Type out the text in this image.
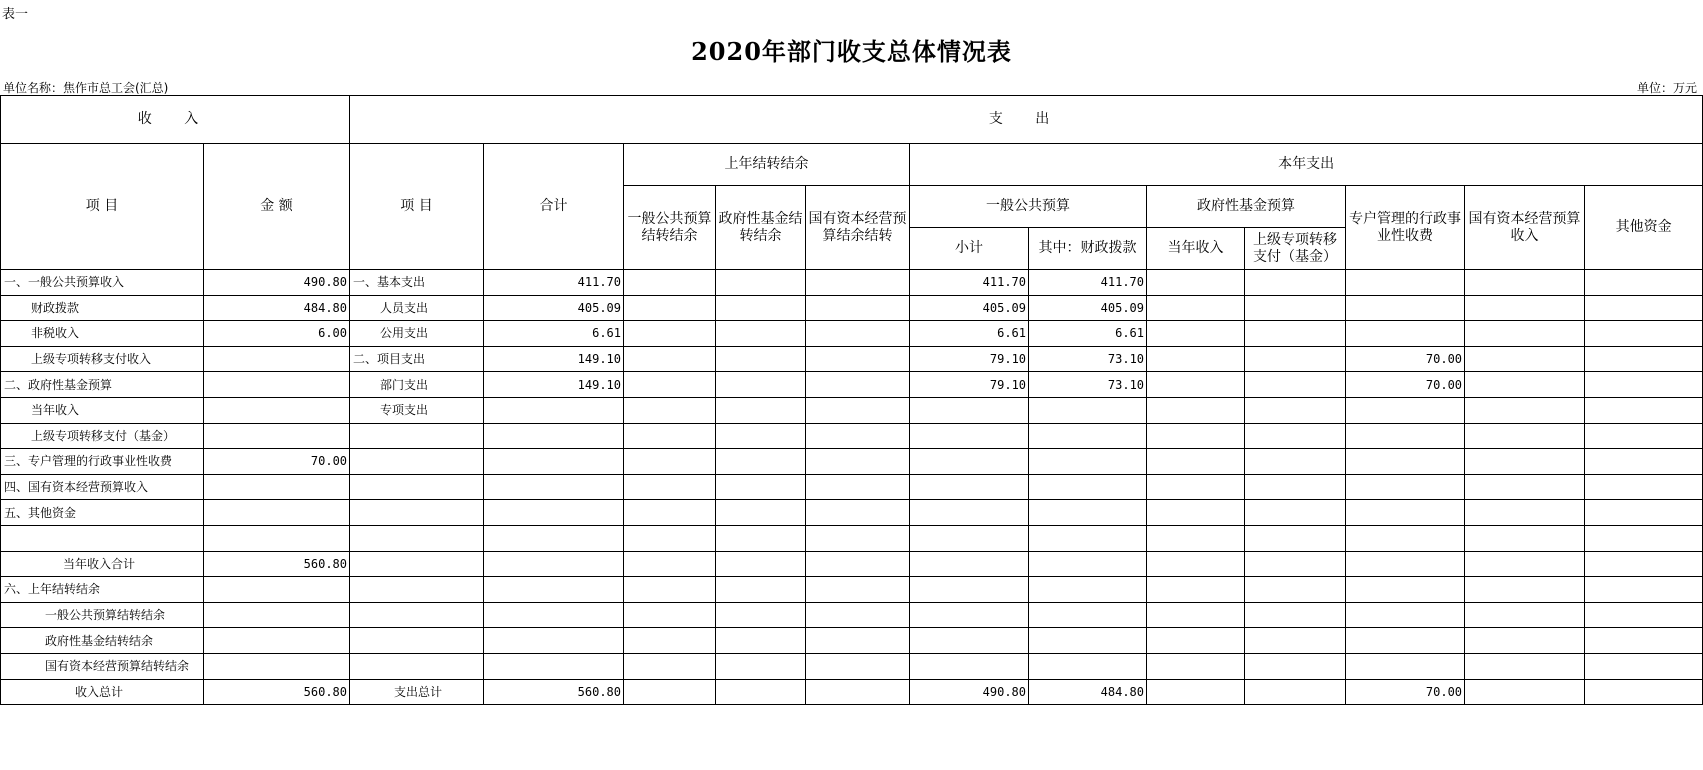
表一
2020年部门收支总体情况表
单位名称：焦作市总工会(汇总)	单位：万元
收 入		支 出											
项 目	金 额	项 目	合计	上年结转结余			本年支出						
				一般公共预算结转结余	政府性基金结转结余	国有资本经营预算结余结转	一般公共预算		政府性基金预算		专户管理的行政事业性收费	国有资本经营预算收入	其他资金
							小计	其中：财政拨款	当年收入	上级专项转移支付（基金）			
一、一般公共预算收入	490.80	一、基本支出	411.70				411.70	411.70					
财政拨款	484.80	人员支出	405.09				405.09	405.09					
非税收入	6.00	公用支出	6.61				6.61	6.61					
上级专项转移支付收入		二、项目支出	149.10				79.10	73.10			70.00		
二、政府性基金预算		部门支出	149.10				79.10	73.10			70.00		
当年收入		专项支出											
上级专项转移支付（基金）													
三、专户管理的行政事业性收费	70.00												
四、国有资本经营预算收入													
五、其他资金													

当年收入合计	560.80												
六、上年结转结余													
一般公共预算结转结余													
政府性基金结转结余													
国有资本经营预算结转结余													
收入总计	560.80	支出总计	560.80				490.80	484.80			70.00		
